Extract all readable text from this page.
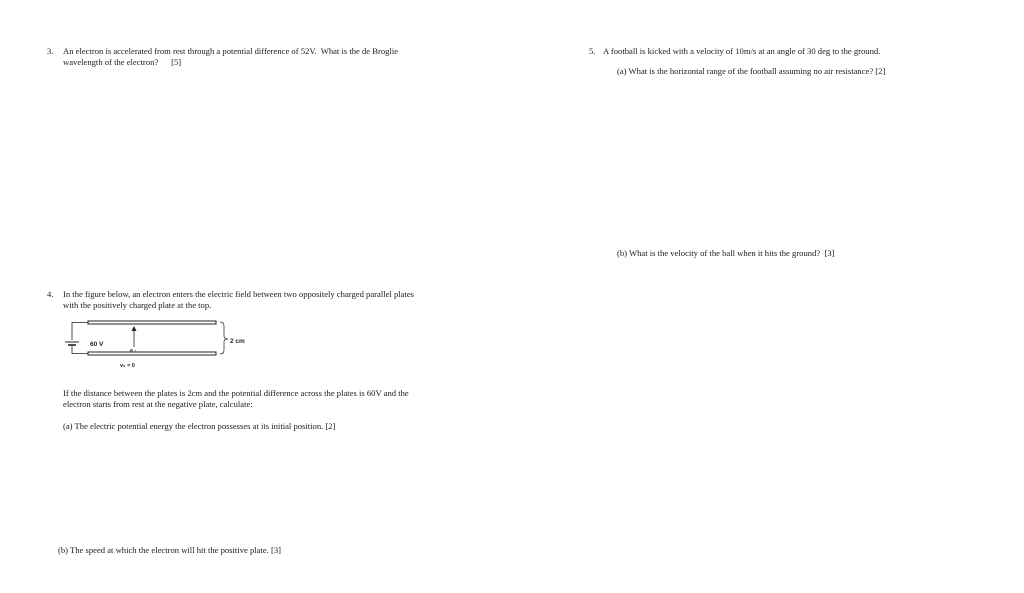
3. An electron is accelerated from rest through a potential difference of 52V.  What is the de Broglie
wavelength of the electron?      [5]
5. A football is kicked with a velocity of 10m/s at an angle of 30 deg to the ground.
(a) What is the horizontal range of the football assuming no air resistance? [2]
(b) What is the velocity of the ball when it hits the ground?  [3]
4. In the figure below, an electron enters the electric field between two oppositely charged parallel plates
with the positively charged plate at the top.
60 V	2 cm
e -
v₀ = 0
If the distance between the plates is 2cm and the potential difference across the plates is 60V and the
electron starts from rest at the negative plate, calculate:
(a) The electric potential energy the electron possesses at its initial position. [2]
(b) The speed at which the electron will hit the positive plate. [3]
